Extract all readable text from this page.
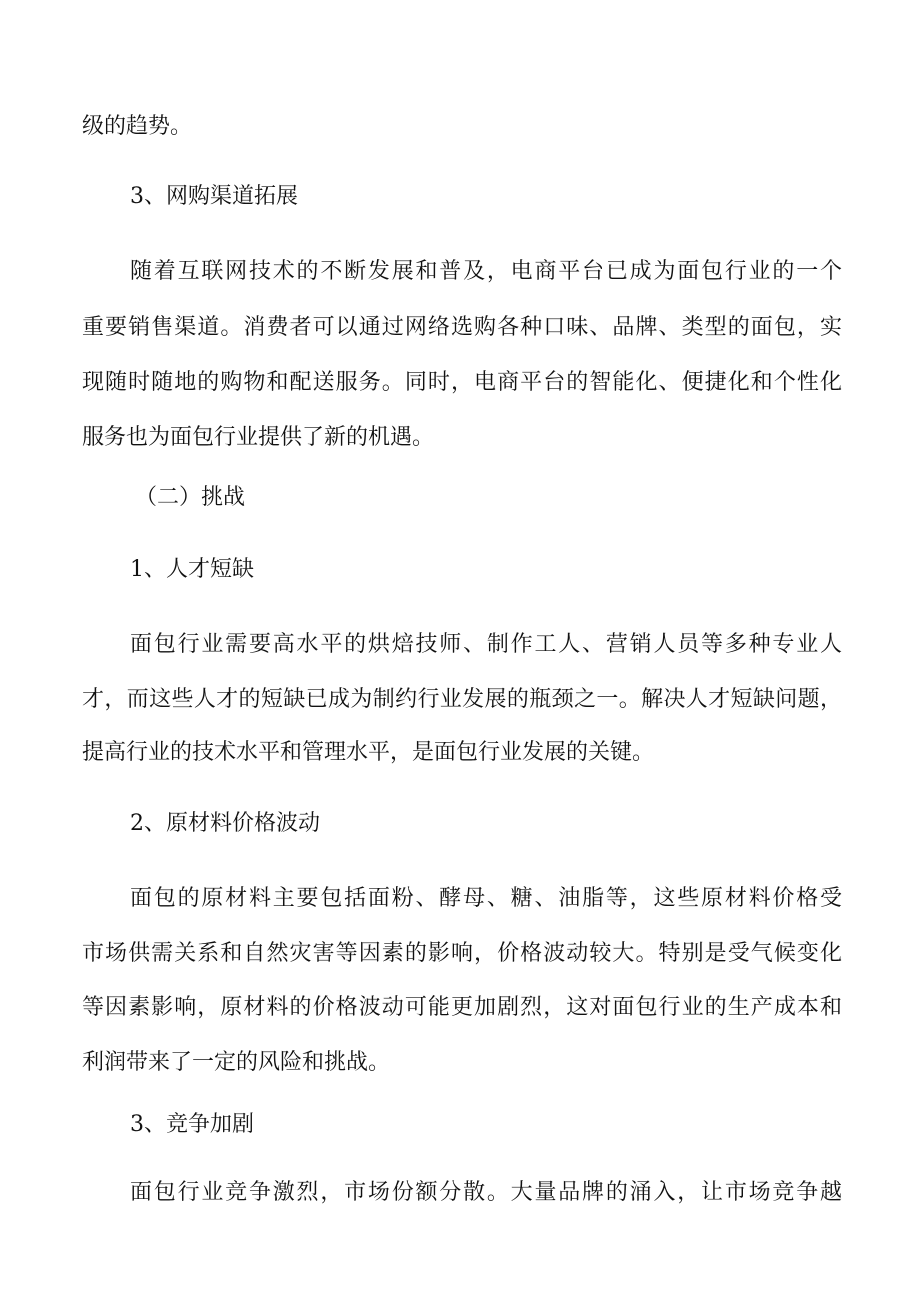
级的趋势。
3、网购渠道拓展
随着互联网技术的不断发展和普及，电商平台已成为面包行业的一个
重要销售渠道。消费者可以通过网络选购各种口味、品牌、类型的面包，实
现随时随地的购物和配送服务。同时，电商平台的智能化、便捷化和个性化
服务也为面包行业提供了新的机遇。
（二）挑战
1、人才短缺
面包行业需要高水平的烘焙技师、制作工人、营销人员等多种专业人
才，而这些人才的短缺已成为制约行业发展的瓶颈之一。解决人才短缺问题，
提高行业的技术水平和管理水平，是面包行业发展的关键。
2、原材料价格波动
面包的原材料主要包括面粉、酵母、糖、油脂等，这些原材料价格受
市场供需关系和自然灾害等因素的影响，价格波动较大。特别是受气候变化
等因素影响，原材料的价格波动可能更加剧烈，这对面包行业的生产成本和
利润带来了一定的风险和挑战。
3、竞争加剧
面包行业竞争激烈，市场份额分散。大量品牌的涌入，让市场竞争越
